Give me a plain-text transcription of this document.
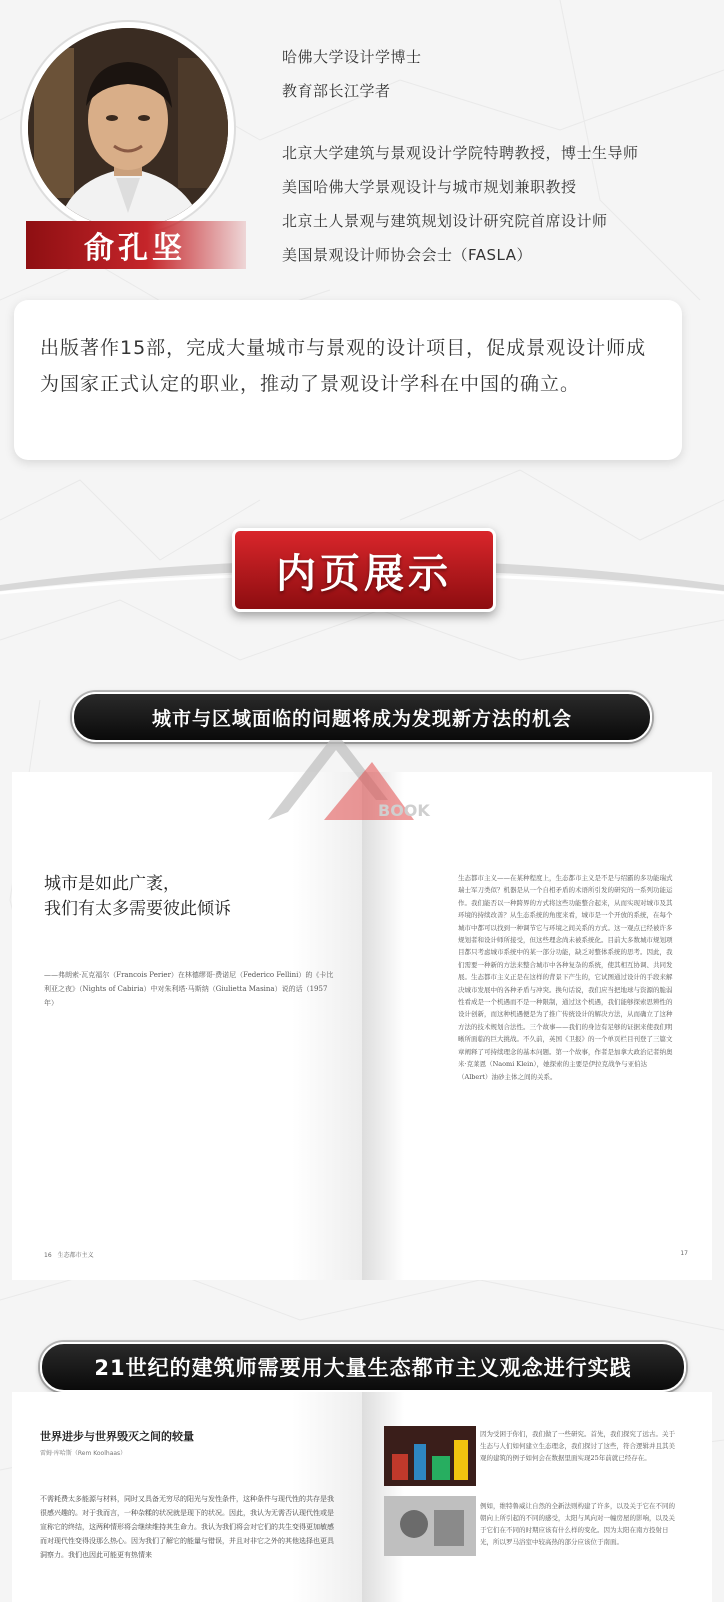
俞孔坚
哈佛大学设计学博士
教育部长江学者
北京大学建筑与景观设计学院特聘教授，博士生导师
美国哈佛大学景观设计与城市规划兼职教授
北京土人景观与建筑规划设计研究院首席设计师
美国景观设计师协会会士（FASLA）

出版著作15部，完成大量城市与景观的设计项目，促成景观设计师成为国家正式认定的职业，推动了景观设计学科在中国的确立。

内页展示
城市与区域面临的问题将成为发现新方法的机会
城市是如此广袤，
我们有太多需要彼此倾诉
——弗朗索·瓦克福尔（Francois Perier）在林德缪哥·费诺尼（Federico Fellini）的《卡比利亚之夜》（Nights of Cabiria）中对朱利塔·马斯纳（Giulietta Masina）说的话（1957年）
16　生态都市主义
生态都市主义——在某种程度上，生态都市主义是不是与绍霸的多功能瑞式瑞士军刀类似？机器是从一个自相矛盾的术语所引发的研究的一系列功能运作。我们能否以一种跨界的方式将这些功能整合起来，从而实现对城市及其环境的持续改善？从生态系统的角度来看，城市是一个开放的系统，在每个城市中都可以找到一种调节它与环境之间关系的方式。这一观点已经被许多规划者和设计师所接受，但这些理念尚未被系统化。目前大多数城市规划项目都只考虑城市系统中的某一部分功能，缺乏对整体系统的思考。因此，我们需要一种新的方法来整合城市中各种复杂的系统，使其相互协调、共同发展。生态都市主义正是在这样的背景下产生的，它试图通过设计的手段来解决城市发展中的各种矛盾与冲突。换句话说，我们应当把地球与资源的脆弱性看成是一个机遇而不是一种限制，通过这个机遇，我们能够探索思辨性的设计创新，而这种机遇便是为了推广传统设计的解决方法，从而确立了这种方法的技术规划合法性。三个故事——我们的身边有足够的证据来使我们明晰所面临的巨大挑战。不久前，英国《卫报》的一个单页栏目刊登了三篇文章阐释了可持续理念的基本问题。第一个故事，作者是加拿大政治记者纳奥米·克莱恩（Naomi Klein），她探索的主要是伊拉克战争与亚伯达（Albert）油砂主体之间的关系。
17
BOOK
21世纪的建筑师需要用大量生态都市主义观念进行实践
世界进步与世界毁灭之间的较量
雷姆·库哈斯（Rem Koolhaas）
不需耗费太多能源与材料，同时又具备无穷尽的阳光与发性条件，这种条件与现代性的共存是我很感兴趣的。对于我而言，一种杂糅的状况就是现下的状况。因此，我认为无需否认现代性或是宣称它的终结，这两种情形将会继续维持其生命力。我认为我们将会对它们的共生变得更加敏感而对现代性变得没那么热心。因为我们了解它的能量与错误，并且对非它之外的其他选择也更具洞察力。我们也因此可能更有热情来
因为受困于你们，我们做了一些研究。首先，我们探究了远古。关于生态与人们如何建立生态理念，我们探讨了这些，符合逻辑并且其美观的建筑的例子如何会在数据里面实现25年前就已经存在。
例如，维特鲁威让自然的全新法则构建了许多，以及关于它在不同的朝向上所引起的不同的感受，太阳与风向对一幢房屋的影响，以及关于它们在不同的时期应该有什么样的变化。因为太阳在南方投射日光，所以罗马浴室中较高热的部分应该位于南面。
